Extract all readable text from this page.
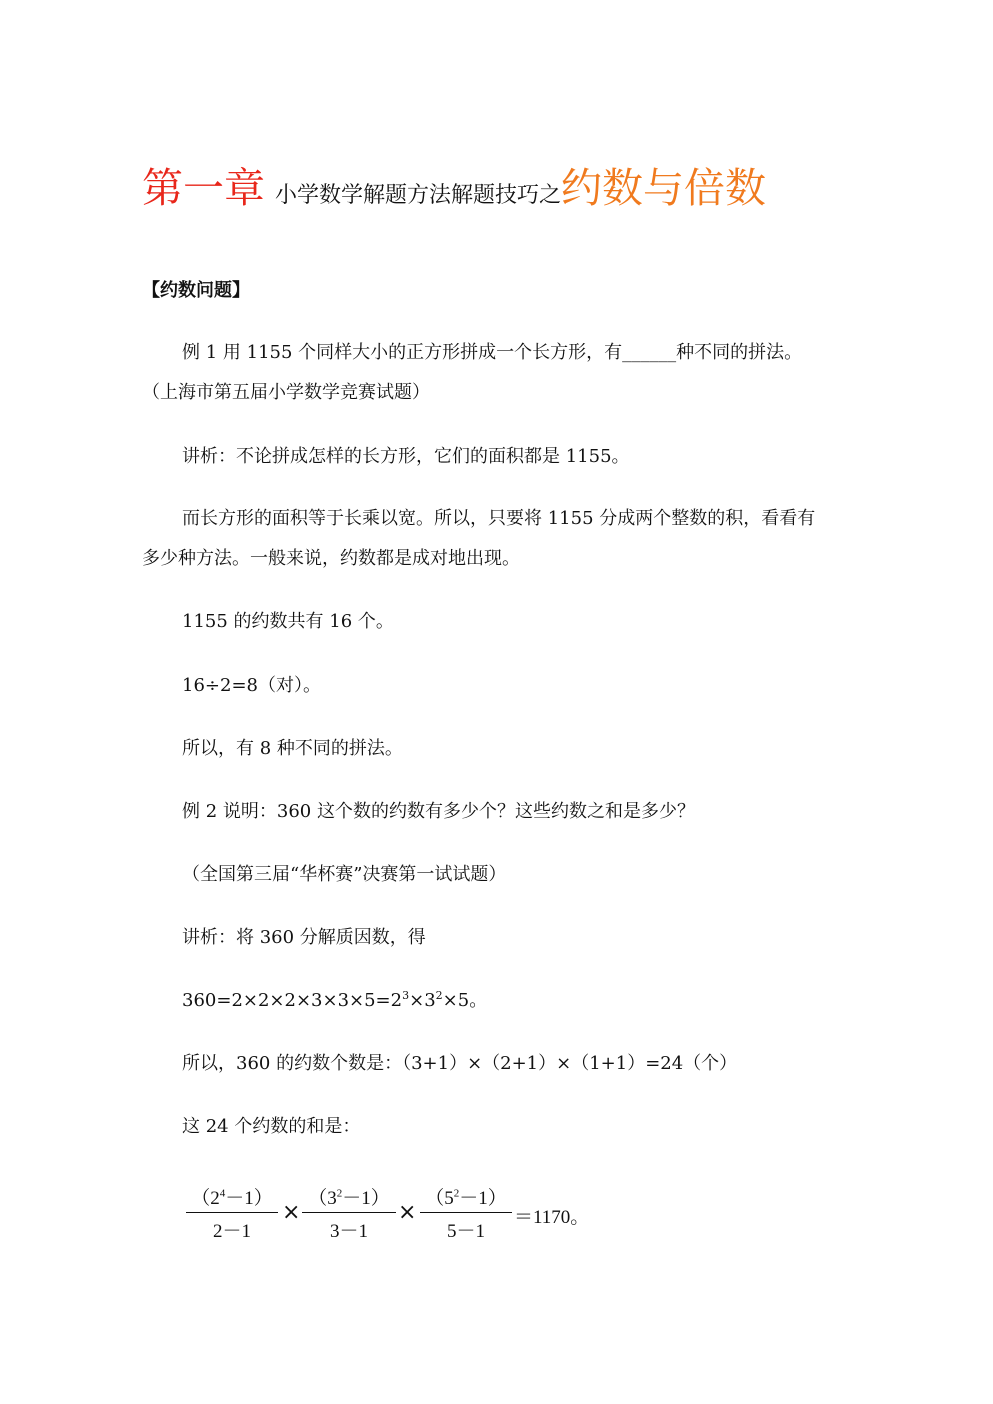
第一章 小学数学解题方法解题技巧之约数与倍数
【约数问题】
例 1 用 1155 个同样大小的正方形拼成一个长方形，有______种不同的拼法。
（上海市第五届小学数学竞赛试题）
讲析：不论拼成怎样的长方形，它们的面积都是 1155。
而长方形的面积等于长乘以宽。所以，只要将 1155 分成两个整数的积，看看有
多少种方法。一般来说，约数都是成对地出现。
1155 的约数共有 16 个。
16÷2=8（对）。
所以，有 8 种不同的拼法。
例 2 说明：360 这个数的约数有多少个？这些约数之和是多少？
（全国第三届“华杯赛”决赛第一试试题）
讲析：将 360 分解质因数，得
$360=2\times 2\times 2\times 3\times 3\times 5=2^3\times 3^2\times 5$。
所以，360 的约数个数是：（3+1）×（2+1）×（1+1）=24（个）
这 24 个约数的和是：
$(2^4-1)$
2－1
×
$(3^2-1)$
3－1
×
$(5^2-1)$
5－1
＝1170。
